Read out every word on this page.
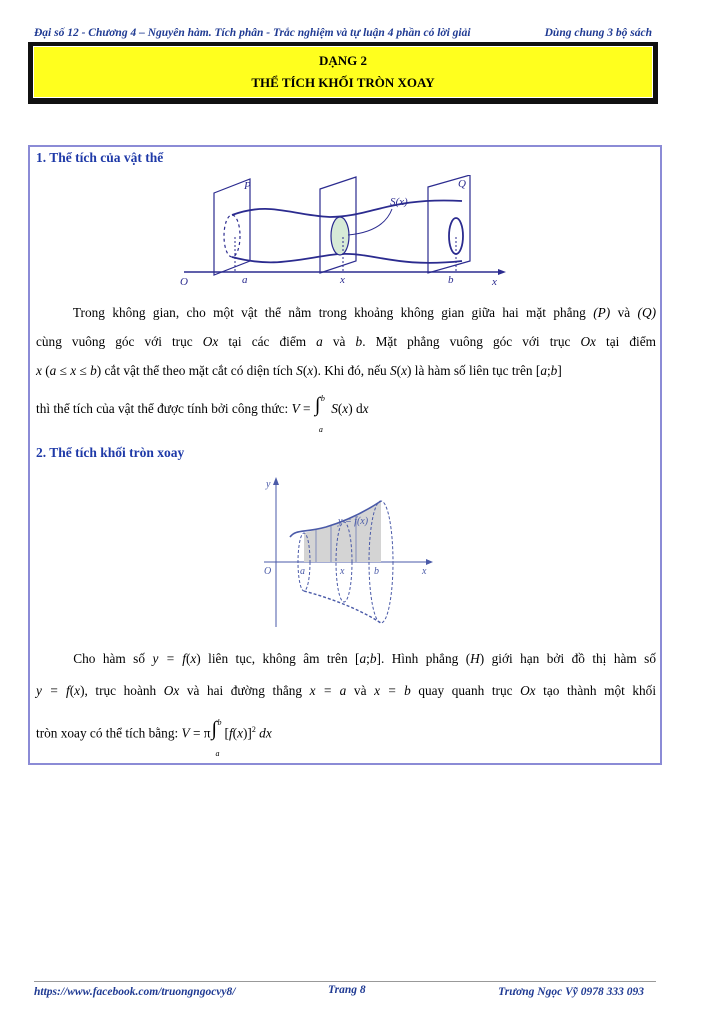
Đại số 12 - Chương 4 – Nguyên hàm. Tích phân - Trắc nghiệm và tự luận 4 phần có lời giải	Dùng chung 3 bộ sách
DẠNG 2
THỂ TÍCH KHỐI TRÒN XOAY
1. Thể tích của vật thể
P	Q
S(x)
O	a	x	b	x
Trong không gian, cho một vật thể nằm trong khoảng không gian giữa hai mặt phẳng (P) và (Q)
cùng vuông góc với trục Ox tại các điểm a và b. Mặt phẳng vuông góc với trục Ox tại điểm
x (a ≤ x ≤ b) cắt vật thể theo mặt cắt có diện tích S(x). Khi đó, nếu S(x) là hàm số liên tục trên [a;b]
thì thể tích của vật thể được tính bởi công thức: V = ∫ b
a
S(x) dx
2. Thể tích khối tròn xoay
y
y = f(x)
O	a	x	b	x
Cho hàm số y = f(x) liên tục, không âm trên [a;b]. Hình phẳng (H) giới hạn bởi đồ thị hàm số
y = f(x), trục hoành Ox và hai đường thẳng x = a và x = b quay quanh trục Ox tạo thành một khối
tròn xoay có thể tích bằng: V = π ∫ b
a
$[f(x)]^2$ dx
https://www.facebook.com/truongngocvy8/	Trang 8	Trương Ngọc Vỹ 0978 333 093
